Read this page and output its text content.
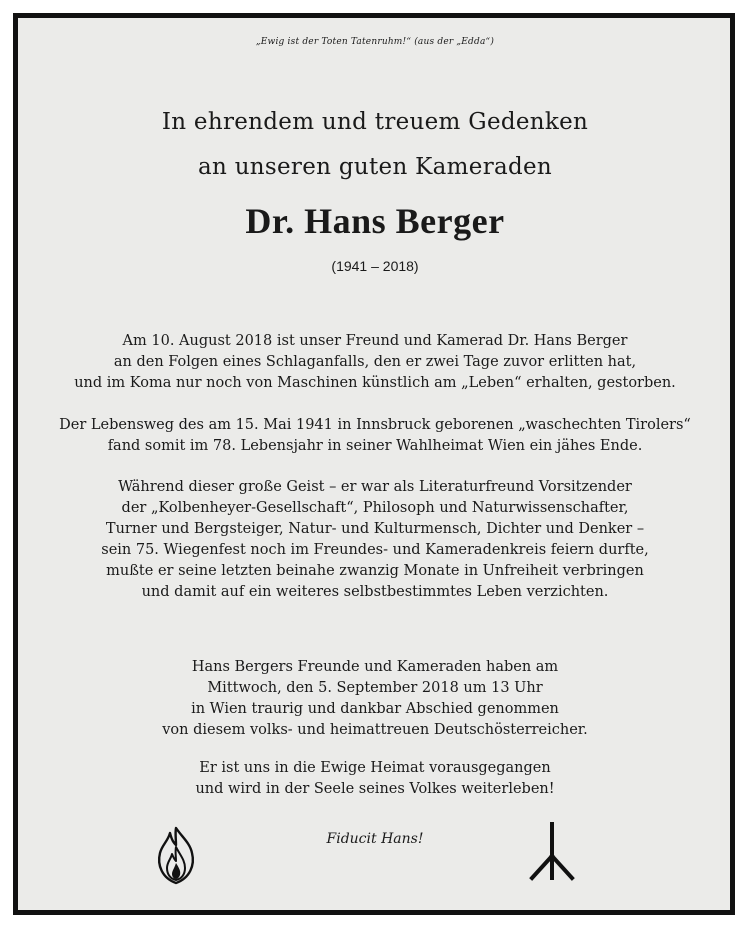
„Ewig ist der Toten Tatenruhm!“ (aus der „Edda“)
In ehrendem und treuem Gedenken
an unseren guten Kameraden
Dr. Hans Berger
(1941 – 2018)
Am 10. August 2018 ist unser Freund und Kamerad Dr. Hans Berger
an den Folgen eines Schlaganfalls, den er zwei Tage zuvor erlitten hat,
und im Koma nur noch von Maschinen künstlich am „Leben“ erhalten, gestorben.
Der Lebensweg des am 15. Mai 1941 in Innsbruck geborenen „waschechten Tirolers“
fand somit im 78. Lebensjahr in seiner Wahlheimat Wien ein jähes Ende.
Während dieser große Geist – er war als Literaturfreund Vorsitzender
der „Kolbenheyer-Gesellschaft“, Philosoph und Naturwissenschafter,
Turner und Bergsteiger, Natur- und Kulturmensch, Dichter und Denker –
sein 75. Wiegenfest noch im Freundes- und Kameradenkreis feiern durfte,
mußte er seine letzten beinahe zwanzig Monate in Unfreiheit verbringen
und damit auf ein weiteres selbstbestimmtes Leben verzichten.
Hans Bergers Freunde und Kameraden haben am
Mittwoch, den 5. September 2018 um 13 Uhr
in Wien traurig und dankbar Abschied genommen
von diesem volks- und heimattreuen Deutschösterreicher.
Er ist uns in die Ewige Heimat vorausgegangen
und wird in der Seele seines Volkes weiterleben!
Fiducit Hans!
